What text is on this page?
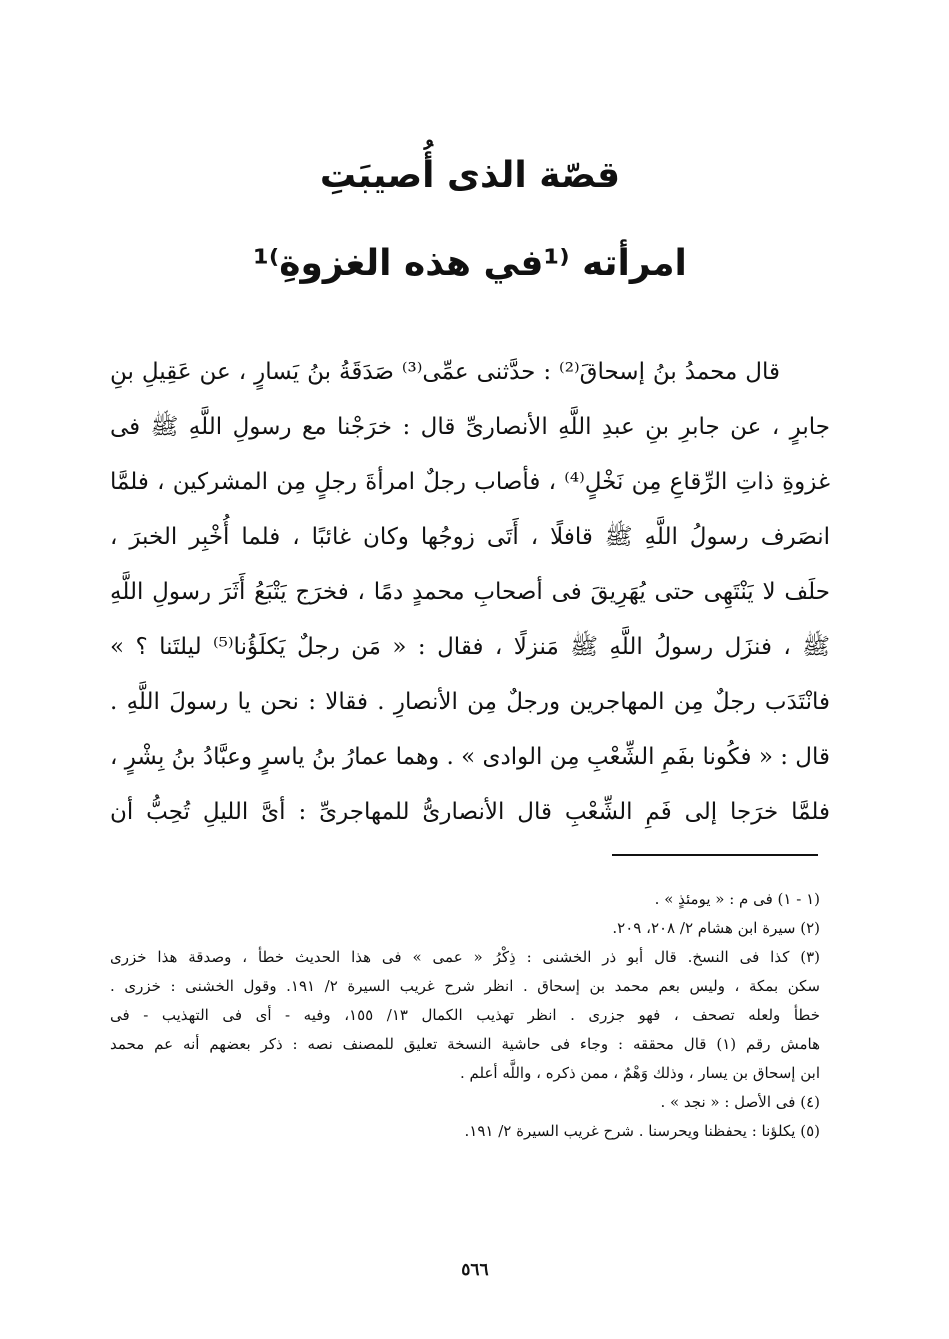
قصّة الذى أُصيبَتِ
امرأته ⁽¹في هذه الغزوةِ⁾¹
قال محمدُ بنُ إسحاقَ⁽²⁾ : حدَّثنى عمِّى⁽³⁾ صَدَقَةُ بنُ يَسارٍ ، عن عَقِيلِ بنِ
جابرٍ ، عن جابرِ بنِ عبدِ اللَّهِ الأنصارىِّ قال : خرَجْنا مع رسولِ اللَّهِ ﷺ فى
غزوةِ ذاتِ الرِّقاعِ مِن نَخْلٍ⁽⁴⁾ ، فأصاب رجلٌ امرأةَ رجلٍ مِن المشركين ، فلمَّا
انصَرف رسولُ اللَّهِ ﷺ قافلًا ، أَتَى زوجُها وكان غائبًا ، فلما أُخْبِر الخبرَ ،
حلَف لا يَنْتَهِى حتى يُهَرِيقَ فى أصحابِ محمدٍ دمًا ، فخرَج يَتْبَعُ أَثَرَ رسولِ اللَّهِ
ﷺ ، فنزَل رسولُ اللَّهِ ﷺ مَنزلًا ، فقال : « مَن رجلٌ يَكلَؤُنا⁽⁵⁾ ليلتَنا ؟ »
فانْتَدَب رجلٌ مِن المهاجرين ورجلٌ مِن الأنصارِ . فقالا : نحن يا رسولَ اللَّهِ .
قال : « فكُونا بفَمِ الشِّعْبِ مِن الوادى » . وهما عمارُ بنُ ياسرٍ وعبَّادُ بنُ بِشْرٍ ،
فلمَّا خرَجا إلى فَمِ الشِّعْبِ قال الأنصارىُّ للمهاجرىِّ : أىَّ الليلِ تُحِبُّ أن
(١ - ١) فى م : « يومئذٍ » .
(٢) سيرة ابن هشام ٢/ ٢٠٨، ٢٠٩.
(٣) كذا فى النسخ. قال أبو ذر الخشنى : ذِكْرُ « عمى » فى هذا الحديث خطأ ، وصدقة هذا خزرى
سكن بمكة ، وليس بعم محمد بن إسحاق . انظر شرح غريب السيرة ٢/ ١٩١. وقول الخشنى : خزرى .
خطأ ولعله تصحف ، فهو جزرى . انظر تهذيب الكمال ١٣/ ١٥٥، وفيه - أى فى التهذيب - فى
هامش رقم (١) قال محققه : وجاء فى حاشية النسخة تعليق للمصنف نصه : ذكر بعضهم أنه عم محمد
ابن إسحاق بن يسار ، وذلك وَهْمٌ ، ممن ذكره ، واللَّه أعلم .
(٤) فى الأصل : « نجد » .
(٥) يكلؤنا : يحفظنا ويحرسنا . شرح غريب السيرة ٢/ ١٩١.
٥٦٦
